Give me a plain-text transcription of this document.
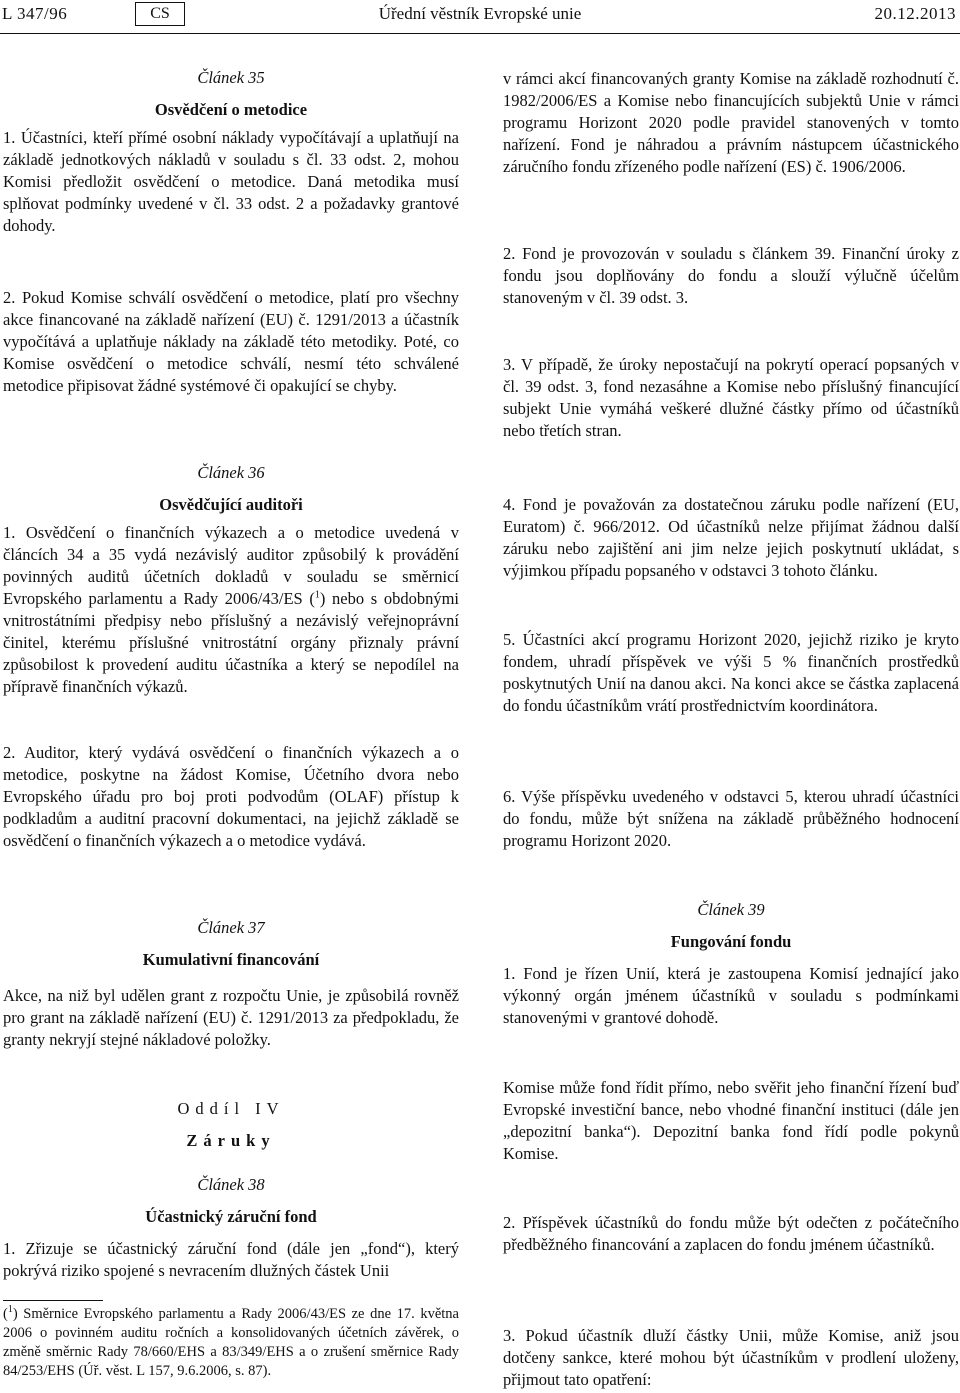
L 347/96	CS	Úřední věstník Evropské unie	20.12.2013
Článek 35
Osvědčení o metodice

1. Účastníci, kteří přímé osobní náklady vypočítávají a uplatňují na základě jednotkových nákladů v souladu s čl. 33 odst. 2, mohou Komisi předložit osvědčení o metodice. Daná metodika musí splňovat podmínky uvedené v čl. 33 odst. 2 a požadavky grantové dohody.

2. Pokud Komise schválí osvědčení o metodice, platí pro všechny akce financované na základě nařízení (EU) č. 1291/2013 a účastník vypočítává a uplatňuje náklady na základě této metodiky. Poté, co Komise osvědčení o metodice schválí, nesmí této schválené metodice připisovat žádné systémové či opakující se chyby.

Článek 36
Osvědčující auditoři

1. Osvědčení o finančních výkazech a o metodice uvedená v článcích 34 a 35 vydá nezávislý auditor způsobilý k provádění povinných auditů účetních dokladů v souladu se směrnicí Evropského parlamentu a Rady 2006/43/ES ($^1$) nebo s obdobnými vnitrostátními předpisy nebo příslušný a nezávislý veřejnoprávní činitel, kterému příslušné vnitrostátní orgány přiznaly právní způsobilost k provedení auditu účastníka a který se nepodílel na přípravě finančních výkazů.

2. Auditor, který vydává osvědčení o finančních výkazech a o metodice, poskytne na žádost Komise, Účetního dvora nebo Evropského úřadu pro boj proti podvodům (OLAF) přístup k podkladům a auditní pracovní dokumentaci, na jejichž základě se osvědčení o finančních výkazech a o metodice vydává.

Článek 37
Kumulativní financování

Akce, na niž byl udělen grant z rozpočtu Unie, je způsobilá rovněž pro grant na základě nařízení (EU) č. 1291/2013 za předpokladu, že granty nekryjí stejné nákladové položky.

Oddíl IV
Záruky
Článek 38
Účastnický záruční fond

1. Zřizuje se účastnický záruční fond (dále jen „fond“), který pokrývá riziko spojené s nevracením dlužných částek Unii

($^1$) Směrnice Evropského parlamentu a Rady 2006/43/ES ze dne 17. května 2006 o povinném auditu ročních a konsolidovaných účetních závěrek, o změně směrnic Rady 78/660/EHS a 83/349/EHS a o zrušení směrnice Rady 84/253/EHS (Úř. věst. L 157, 9.6.2006, s. 87).

v rámci akcí financovaných granty Komise na základě rozhodnutí č. 1982/2006/ES a Komise nebo financujících subjektů Unie v rámci programu Horizont 2020 podle pravidel stanovených v tomto nařízení. Fond je náhradou a právním nástupcem účastnického záručního fondu zřízeného podle nařízení (ES) č. 1906/2006.

2. Fond je provozován v souladu s článkem 39. Finanční úroky z fondu jsou doplňovány do fondu a slouží výlučně účelům stanoveným v čl. 39 odst. 3.

3. V případě, že úroky nepostačují na pokrytí operací popsaných v čl. 39 odst. 3, fond nezasáhne a Komise nebo příslušný financující subjekt Unie vymáhá veškeré dlužné částky přímo od účastníků nebo třetích stran.

4. Fond je považován za dostatečnou záruku podle nařízení (EU, Euratom) č. 966/2012. Od účastníků nelze přijímat žádnou další záruku nebo zajištění ani jim nelze jejich poskytnutí ukládat, s výjimkou případu popsaného v odstavci 3 tohoto článku.

5. Účastníci akcí programu Horizont 2020, jejichž riziko je kryto fondem, uhradí příspěvek ve výši 5 % finančních prostředků poskytnutých Unií na danou akci. Na konci akce se částka zaplacená do fondu účastníkům vrátí prostřednictvím koordinátora.

6. Výše příspěvku uvedeného v odstavci 5, kterou uhradí účastníci do fondu, může být snížena na základě průběžného hodnocení programu Horizont 2020.

Článek 39
Fungování fondu

1. Fond je řízen Unií, která je zastoupena Komisí jednající jako výkonný orgán jménem účastníků v souladu s podmínkami stanovenými v grantové dohodě.

Komise může fond řídit přímo, nebo svěřit jeho finanční řízení buď Evropské investiční bance, nebo vhodné finanční instituci (dále jen „depozitní banka“). Depozitní banka fond řídí podle pokynů Komise.

2. Příspěvek účastníků do fondu může být odečten z počátečního předběžného financování a zaplacen do fondu jménem účastníků.

3. Pokud účastník dluží částky Unii, může Komise, aniž jsou dotčeny sankce, které mohou být účastníkům v prodlení uloženy, přijmout tato opatření:
